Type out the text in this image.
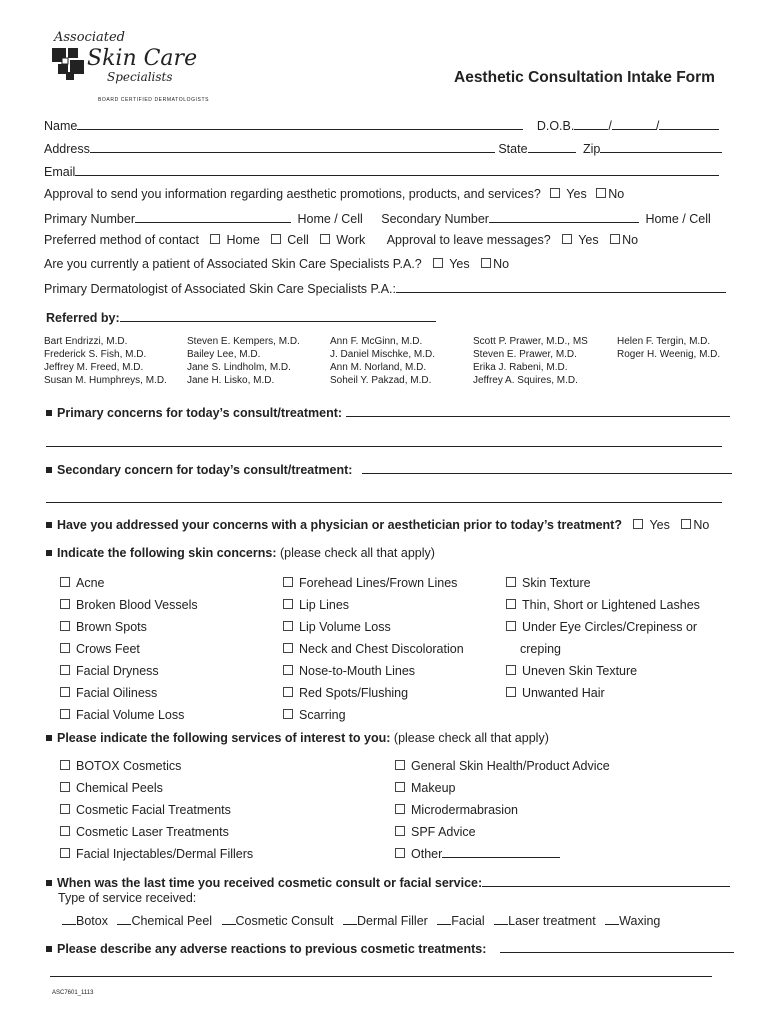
Associated
Skin Care
Specialists
BOARD CERTIFIED DERMATOLOGISTS
Aesthetic Consultation Intake Form
Name	D.O.B.	/	/
Address	State	Zip
Email
Approval to send you information regarding aesthetic promotions, products, and services? Yes No
Primary Number	Home / Cell Secondary Number	Home / Cell
Preferred method of contact Home Cell Work Approval to leave messages? Yes No
Are you currently a patient of Associated Skin Care Specialists P.A.? Yes No
Primary Dermatologist of Associated Skin Care Specialists P.A.:
Referred by:
Bart Endrizzi, M.D.
Frederick S. Fish, M.D.
Jeffrey M. Freed, M.D.
Susan M. Humphreys, M.D.
Steven E. Kempers, M.D.
Bailey Lee, M.D.
Jane S. Lindholm, M.D.
Jane H. Lisko, M.D.
Ann F. McGinn, M.D.
J. Daniel Mischke, M.D.
Ann M. Norland, M.D.
Soheil Y. Pakzad, M.D.
Scott P. Prawer, M.D., MS
Steven E. Prawer, M.D.
Erika J. Rabeni, M.D.
Jeffrey A. Squires, M.D.
Helen F. Tergin, M.D.
Roger H. Weenig, M.D.
Primary concerns for today’s consult/treatment:
Secondary concern for today’s consult/treatment:
Have you addressed your concerns with a physician or aesthetician prior to today’s treatment? Yes No
Indicate the following skin concerns: (please check all that apply)
Acne
Broken Blood Vessels
Brown Spots
Crows Feet
Facial Dryness
Facial Oiliness
Facial Volume Loss
Forehead Lines/Frown Lines
Lip Lines
Lip Volume Loss
Neck and Chest Discoloration
Nose-to-Mouth Lines
Red Spots/Flushing
Scarring
Skin Texture
Thin, Short or Lightened Lashes
Under Eye Circles/Crepiness or
creping
Uneven Skin Texture
Unwanted Hair
Please indicate the following services of interest to you: (please check all that apply)
BOTOX Cosmetics
Chemical Peels
Cosmetic Facial Treatments
Cosmetic Laser Treatments
Facial Injectables/Dermal Fillers
General Skin Health/Product Advice
Makeup
Microdermabrasion
SPF Advice
Other
When was the last time you received cosmetic consult or facial service:
Type of service received:
Botox Chemical Peel Cosmetic Consult Dermal Filler Facial Laser treatment Waxing
Please describe any adverse reactions to previous cosmetic treatments:
ASC7601_1113
